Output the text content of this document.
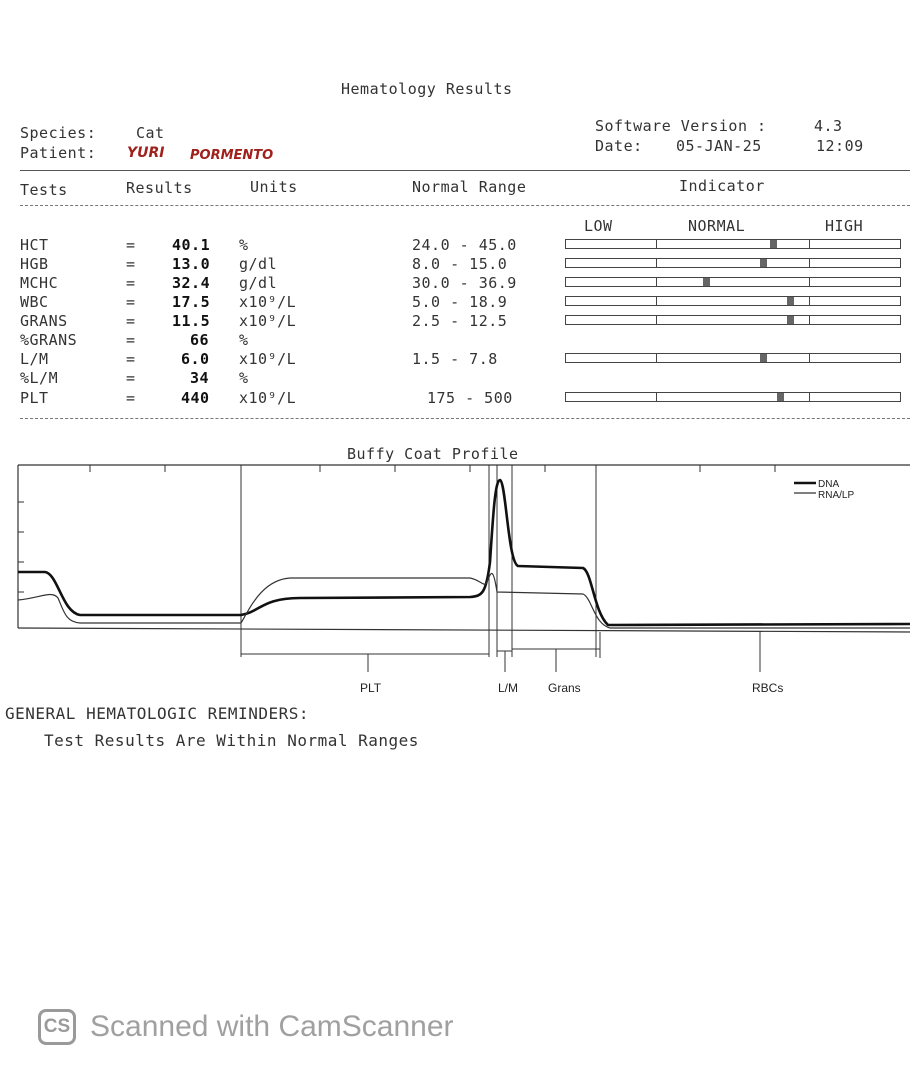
Hematology Results
Species:	Cat
Patient: YURI PORMENTO
Software Version :	4.3
Date: 05-JAN-25	12:09
Tests	Results	Units	Normal Range	Indicator
LOW	NORMAL	HIGH
HCT	= 40.1 %	24.0 - 45.0
HGB	= 13.0 g/dl	8.0 - 15.0
MCHC	= 32.4 g/dl	30.0 - 36.9
WBC	= 17.5 x10⁹/L	5.0 - 18.9
GRANS	= 11.5 x10⁹/L	2.5 - 12.5
%GRANS	=	66 %
L/M	=	6.0 x10⁹/L	1.5 - 7.8
%L/M	=	34 %
PLT	=	440 x10⁹/L	175 - 500
Buffy Coat Profile
DNA
RNA/LP
PLT	L/M Grans	RBCs
GENERAL HEMATOLOGIC REMINDERS:
Test Results Are Within Normal Ranges
CS Scanned with CamScanner
